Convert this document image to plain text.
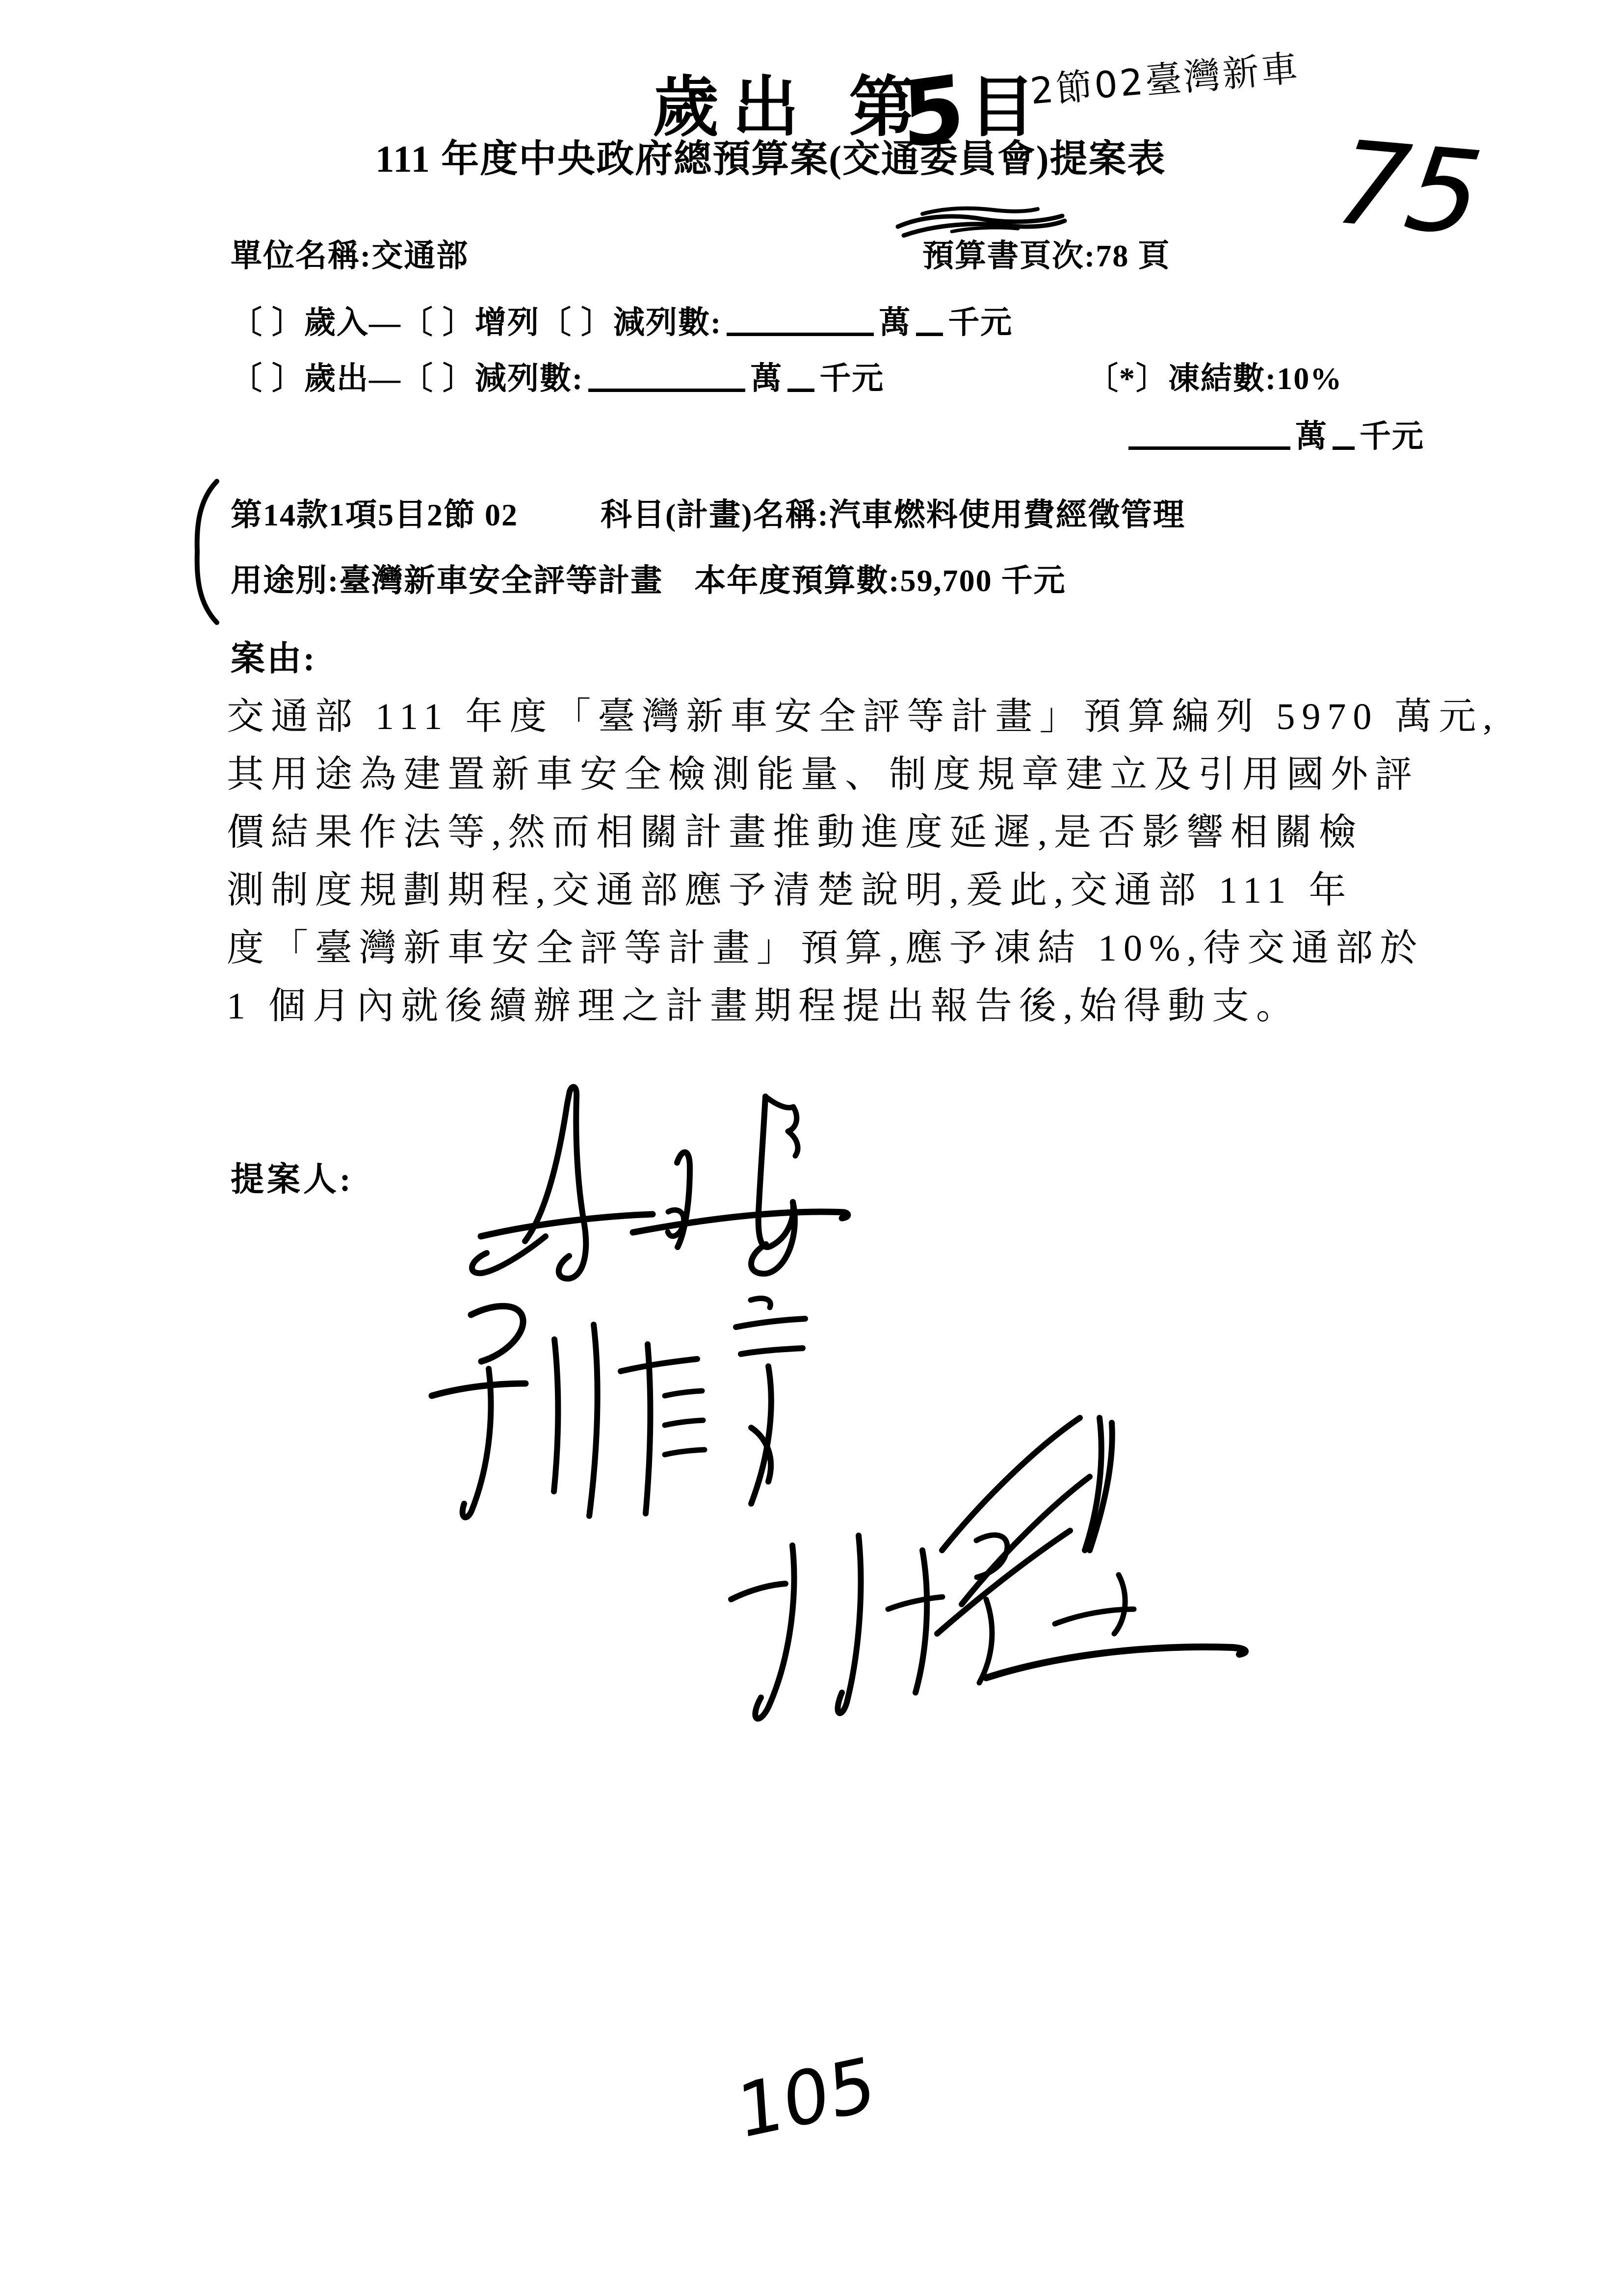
歲出 第
5 目
2節02臺灣新車
111 年度中央政府總預算案(交通委員會)提案表 75
單位名稱:交通部	預算書頁次:78 頁
〔 〕歲入—〔 〕增列〔 〕減列數:	萬 千元
〔 〕歲出—〔 〕減列數:	萬 千元	〔*〕凍結數:10%
萬 千元
第14款1項5目2節 02	科目(計畫)名稱:汽車燃料使用費經徵管理
用途別:臺灣新車安全評等計畫 本年度預算數:59,700 千元
案由:
交通部 111 年度「臺灣新車安全評等計畫」預算編列 5970 萬元,
其用途為建置新車安全檢測能量、制度規章建立及引用國外評
價結果作法等,然而相關計畫推動進度延遲,是否影響相關檢
測制度規劃期程,交通部應予清楚說明,爰此,交通部 111 年
度「臺灣新車安全評等計畫」預算,應予凍結 10%,待交通部於
1 個月內就後續辦理之計畫期程提出報告後,始得動支。
提案人:
105
